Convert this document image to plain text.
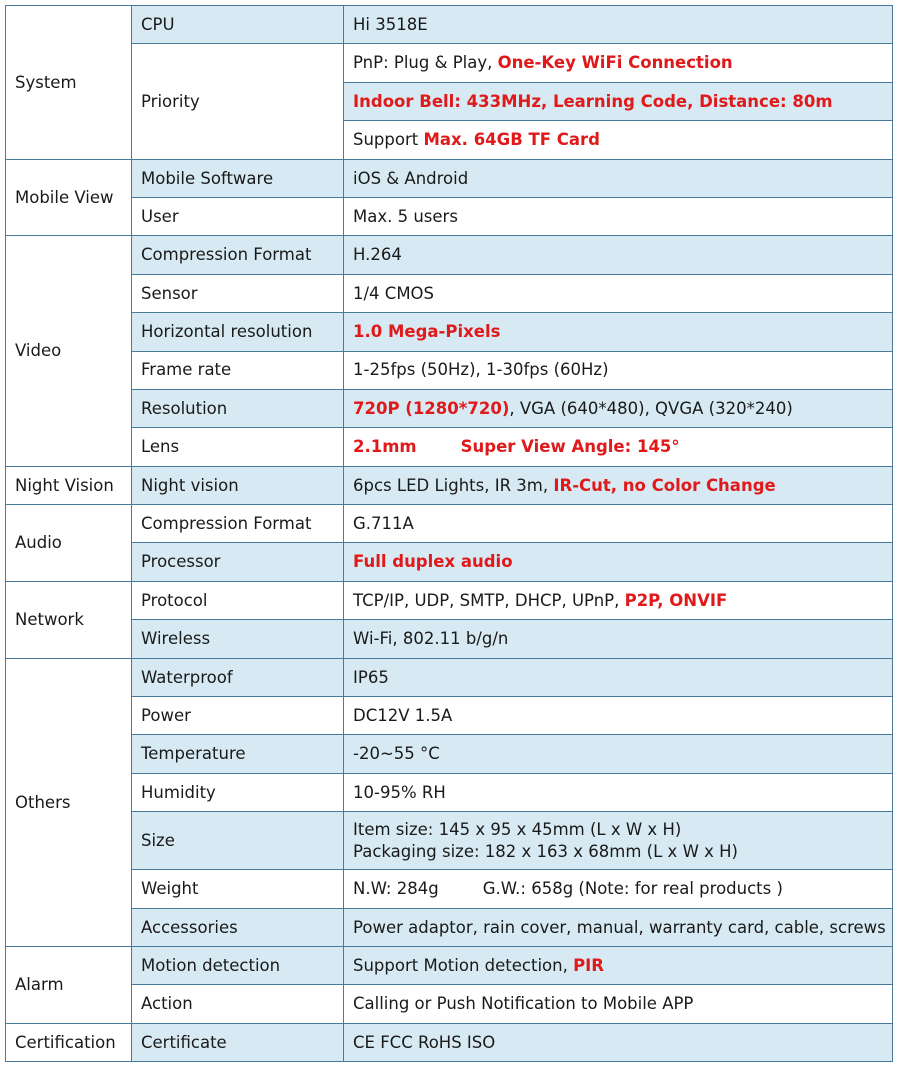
System	CPU	Hi 3518E
	Priority	PnP: Plug & Play, One-Key WiFi Connection
		Indoor Bell: 433MHz, Learning Code, Distance: 80m
		Support Max. 64GB TF Card
Mobile View	Mobile Software	iOS & Android
	User	Max. 5 users
Video	Compression Format	H.264
	Sensor	1/4 CMOS
	Horizontal resolution	1.0 Mega-Pixels
	Frame rate	1-25fps (50Hz), 1-30fps (60Hz)
	Resolution	720P (1280*720), VGA (640*480), QVGA (320*240)
	Lens	2.1mm Super View Angle: 145°
Night Vision	Night vision	6pcs LED Lights, IR 3m, IR-Cut, no Color Change
Audio	Compression Format	G.711A
	Processor	Full duplex audio
Network	Protocol	TCP/IP, UDP, SMTP, DHCP, UPnP, P2P, ONVIF
	Wireless	Wi-Fi, 802.11 b/g/n
Others	Waterproof	IP65
	Power	DC12V 1.5A
	Temperature	-20~55 °C
	Humidity	10-95% RH
	Size	Item size: 145 x 95 x 45mm (L x W x H)
Packaging size: 182 x 163 x 68mm (L x W x H)
	Weight	N.W: 284g G.W.: 658g (Note: for real products )
	Accessories	Power adaptor, rain cover, manual, warranty card, cable, screws
Alarm	Motion detection	Support Motion detection, PIR
	Action	Calling or Push Notification to Mobile APP
Certification	Certificate	CE FCC RoHS ISO
